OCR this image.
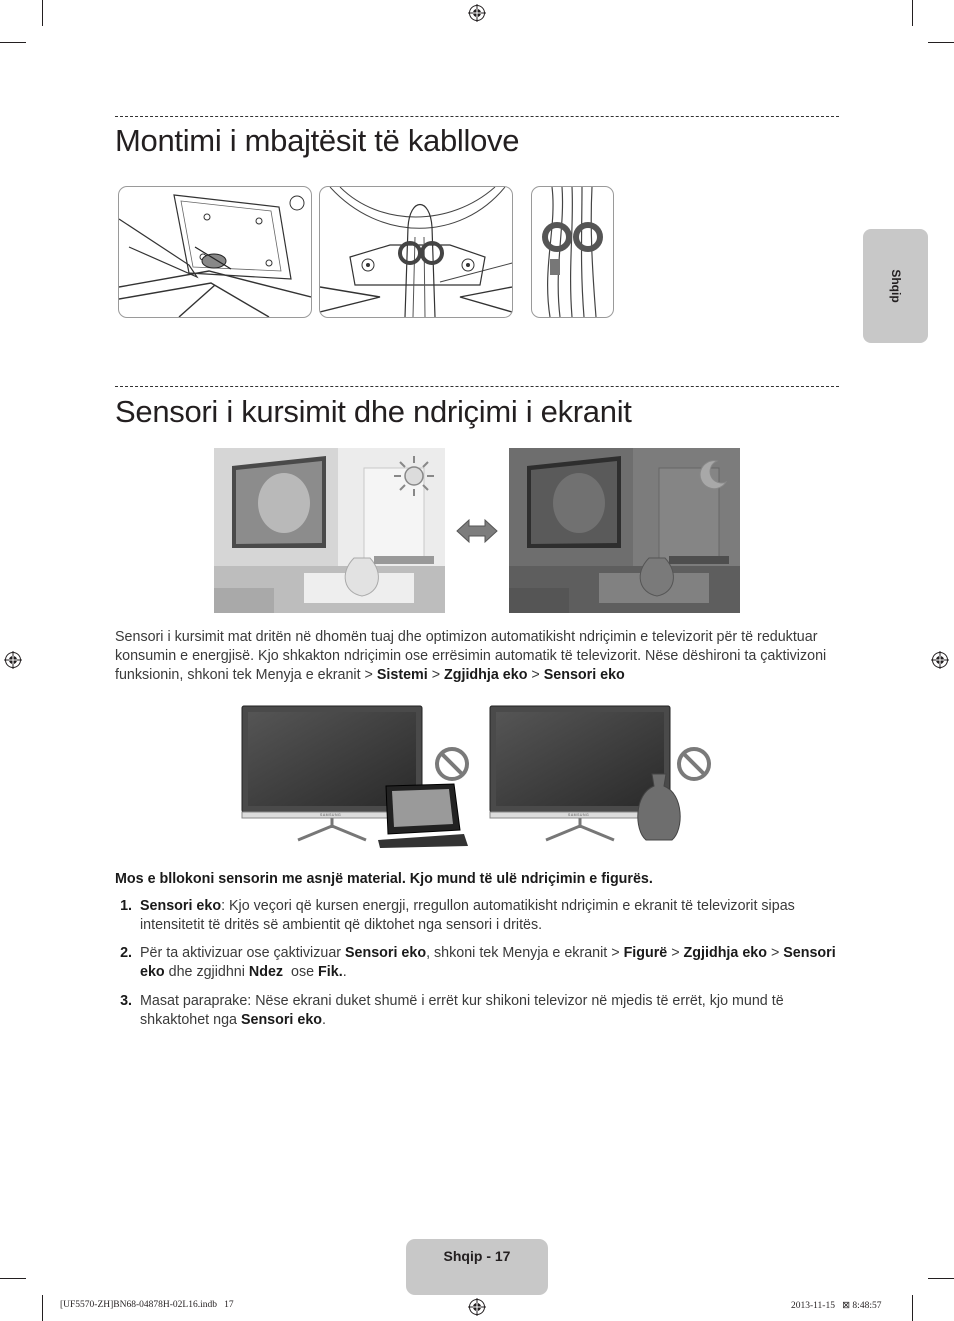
Montimi i mbajtësit të kabllove
Sensori i kursimit dhe ndriçimi i ekranit
Sensori i kursimit mat dritën në dhomën tuaj dhe optimizon automatikisht ndriçimin e televizorit për të reduktuar konsumin e energjisë. Kjo shkakton ndriçimin ose errësimin automatik të televizorit. Nëse dëshironi ta çaktivizoni funksionin, shkoni tek Menyja e ekranit > Sistemi > Zgjidhja eko > Sensori eko
SAMSUNG	SAMSUNG
Mos e bllokoni sensorin me asnjë material. Kjo mund të ulë ndriçimin e figurës.
1. Sensori eko: Kjo veçori që kursen energji, rregullon automatikisht ndriçimin e ekranit të televizorit sipas intensitetit të dritës së ambientit që diktohet nga sensori i dritës.
2. Për ta aktivizuar ose çaktivizuar Sensori eko, shkoni tek Menyja e ekranit > Figurë > Zgjidhja eko > Sensori eko dhe zgjidhni Ndez  ose Fik..
3. Masat paraprake: Nëse ekrani duket shumë i errët kur shikoni televizor në mjedis të errët, kjo mund të shkaktohet nga Sensori eko.
Shqip
Shqip - 17
[UF5570-ZH]BN68-04878H-02L16.indb   17	2013-11-15   ⊠ 8:48:57
